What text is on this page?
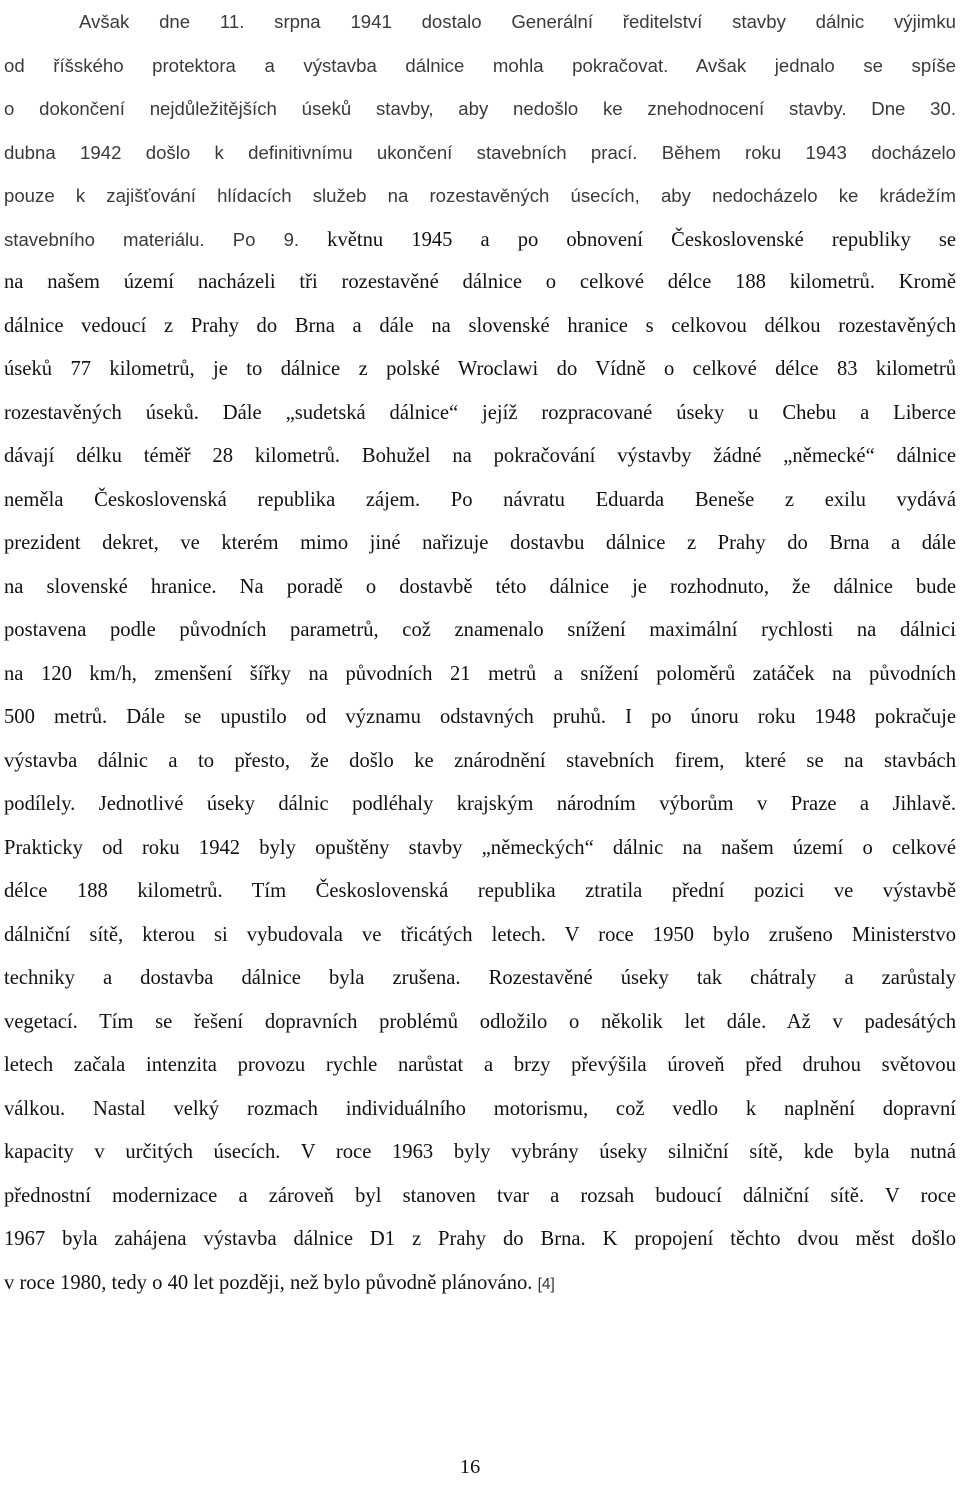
Avšak dne 11. srpna 1941 dostalo Generální ředitelství stavby dálnic výjimku
od říšského protektora a výstavba dálnice mohla pokračovat. Avšak jednalo se spíše
o dokončení nejdůležitějších úseků stavby, aby nedošlo ke znehodnocení stavby. Dne 30.
dubna 1942 došlo k definitivnímu ukončení stavebních prací. Během roku 1943 docházelo
pouze k zajišťování hlídacích služeb na rozestavěných úsecích, aby nedocházelo ke krádežím
stavebního materiálu. Po 9. květnu 1945 a po obnovení Československé republiky se
na našem území nacházeli tři rozestavěné dálnice o celkové délce 188 kilometrů. Kromě
dálnice vedoucí z Prahy do Brna a dále na slovenské hranice s celkovou délkou rozestavěných
úseků 77 kilometrů, je to dálnice z polské Wroclawi do Vídně o celkové délce 83 kilometrů
rozestavěných úseků. Dále „sudetská dálnice“ jejíž rozpracované úseky u Chebu a Liberce
dávají délku téměř 28 kilometrů. Bohužel na pokračování výstavby žádné „německé“ dálnice
neměla Československá republika zájem. Po návratu Eduarda Beneše z exilu vydává
prezident dekret, ve kterém mimo jiné nařizuje dostavbu dálnice z Prahy do Brna a dále
na slovenské hranice. Na poradě o dostavbě této dálnice je rozhodnuto, že dálnice bude
postavena podle původních parametrů, což znamenalo snížení maximální rychlosti na dálnici
na 120 km/h, zmenšení šířky na původních 21 metrů a snížení poloměrů zatáček na původních
500 metrů. Dále se upustilo od významu odstavných pruhů. I po únoru roku 1948 pokračuje
výstavba dálnic a to přesto, že došlo ke znárodnění stavebních firem, které se na stavbách
podílely. Jednotlivé úseky dálnic podléhaly krajským národním výborům v Praze a Jihlavě.
Prakticky od roku 1942 byly opuštěny stavby „německých“ dálnic na našem území o celkové
délce 188 kilometrů. Tím Československá republika ztratila přední pozici ve výstavbě
dálniční sítě, kterou si vybudovala ve třicátých letech. V roce 1950 bylo zrušeno Ministerstvo
techniky a dostavba dálnice byla zrušena. Rozestavěné úseky tak chátraly a zarůstaly
vegetací. Tím se řešení dopravních problémů odložilo o několik let dále. Až v padesátých
letech začala intenzita provozu rychle narůstat a brzy převýšila úroveň před druhou světovou
válkou. Nastal velký rozmach individuálního motorismu, což vedlo k naplnění dopravní
kapacity v určitých úsecích. V roce 1963 byly vybrány úseky silniční sítě, kde byla nutná
přednostní modernizace a zároveň byl stanoven tvar a rozsah budoucí dálniční sítě. V roce
1967 byla zahájena výstavba dálnice D1 z Prahy do Brna. K propojení těchto dvou měst došlo
v roce 1980, tedy o 40 let později, než bylo původně plánováno. [4]
16
